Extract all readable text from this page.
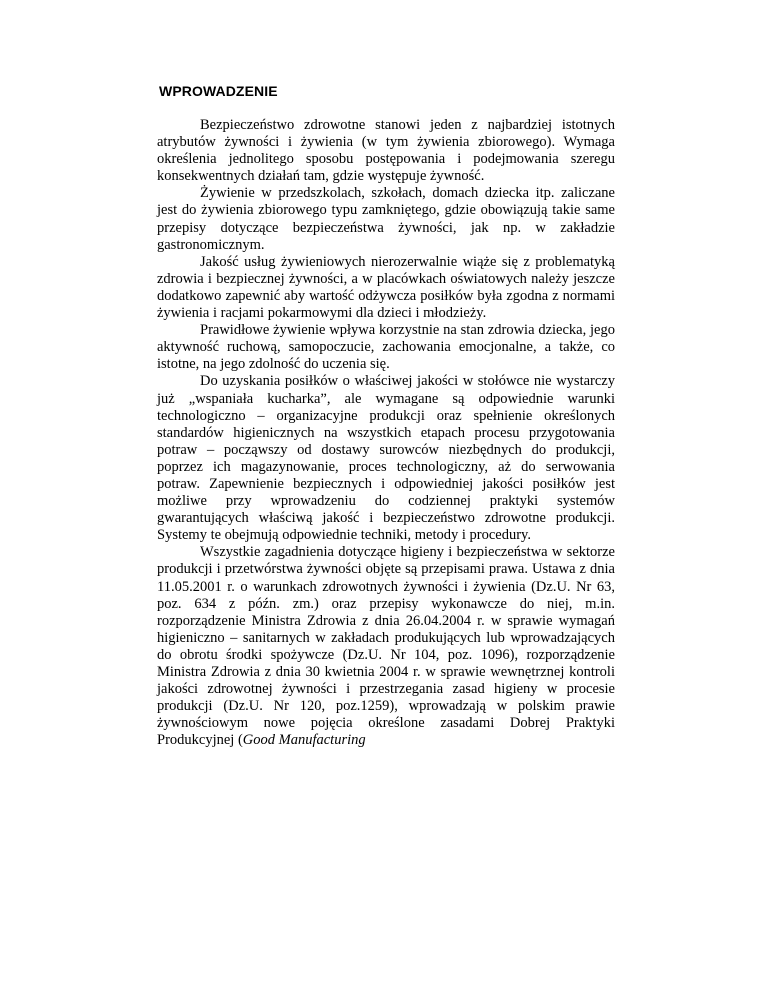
WPROWADZENIE

Bezpieczeństwo zdrowotne stanowi jeden z najbardziej istotnych atrybutów żywności i żywienia (w tym żywienia zbiorowego). Wymaga określenia jednolitego sposobu postępowania i podejmowania szeregu konsekwentnych działań tam, gdzie występuje żywność.

Żywienie w przedszkolach, szkołach, domach dziecka itp. zaliczane jest do żywienia zbiorowego typu zamkniętego, gdzie obowiązują takie same przepisy dotyczące bezpieczeństwa żywności, jak np. w zakładzie gastronomicznym.

Jakość usług żywieniowych nierozerwalnie wiąże się z problematyką zdrowia i bezpiecznej żywności, a w placówkach oświatowych należy jeszcze dodatkowo zapewnić aby wartość odżywcza posiłków była zgodna z normami żywienia i racjami pokarmowymi dla dzieci i młodzieży.

Prawidłowe żywienie wpływa korzystnie na stan zdrowia dziecka, jego aktywność ruchową, samopoczucie, zachowania emocjonalne, a także, co istotne, na jego zdolność do uczenia się.

Do uzyskania posiłków o właściwej jakości w stołówce nie wystarczy już „wspaniała kucharka”, ale wymagane są odpowiednie warunki technologiczno – organizacyjne produkcji oraz spełnienie określonych standardów higienicznych na wszystkich etapach procesu przygotowania potraw – począwszy od dostawy surowców niezbędnych do produkcji, poprzez ich magazynowanie, proces technologiczny, aż do serwowania potraw. Zapewnienie bezpiecznych i odpowiedniej jakości posiłków jest możliwe przy wprowadzeniu do codziennej praktyki systemów gwarantujących właściwą jakość i bezpieczeństwo zdrowotne produkcji. Systemy te obejmują odpowiednie techniki, metody i procedury.

Wszystkie zagadnienia dotyczące higieny i bezpieczeństwa w sektorze produkcji i przetwórstwa żywności objęte są przepisami prawa. Ustawa z dnia 11.05.2001 r. o warunkach zdrowotnych żywności i żywienia (Dz.U. Nr 63, poz. 634 z późn. zm.) oraz przepisy wykonawcze do niej, m.in. rozporządzenie Ministra Zdrowia z dnia 26.04.2004 r. w sprawie wymagań higieniczno – sanitarnych w zakładach produkujących lub wprowadzających do obrotu środki spożywcze (Dz.U. Nr 104, poz. 1096), rozporządzenie Ministra Zdrowia z dnia 30 kwietnia 2004 r. w sprawie wewnętrznej kontroli jakości zdrowotnej żywności i przestrzegania zasad higieny w procesie produkcji (Dz.U. Nr 120, poz.1259), wprowadzają w polskim prawie żywnościowym nowe pojęcia określone zasadami Dobrej Praktyki Produkcyjnej (Good Manufacturing
